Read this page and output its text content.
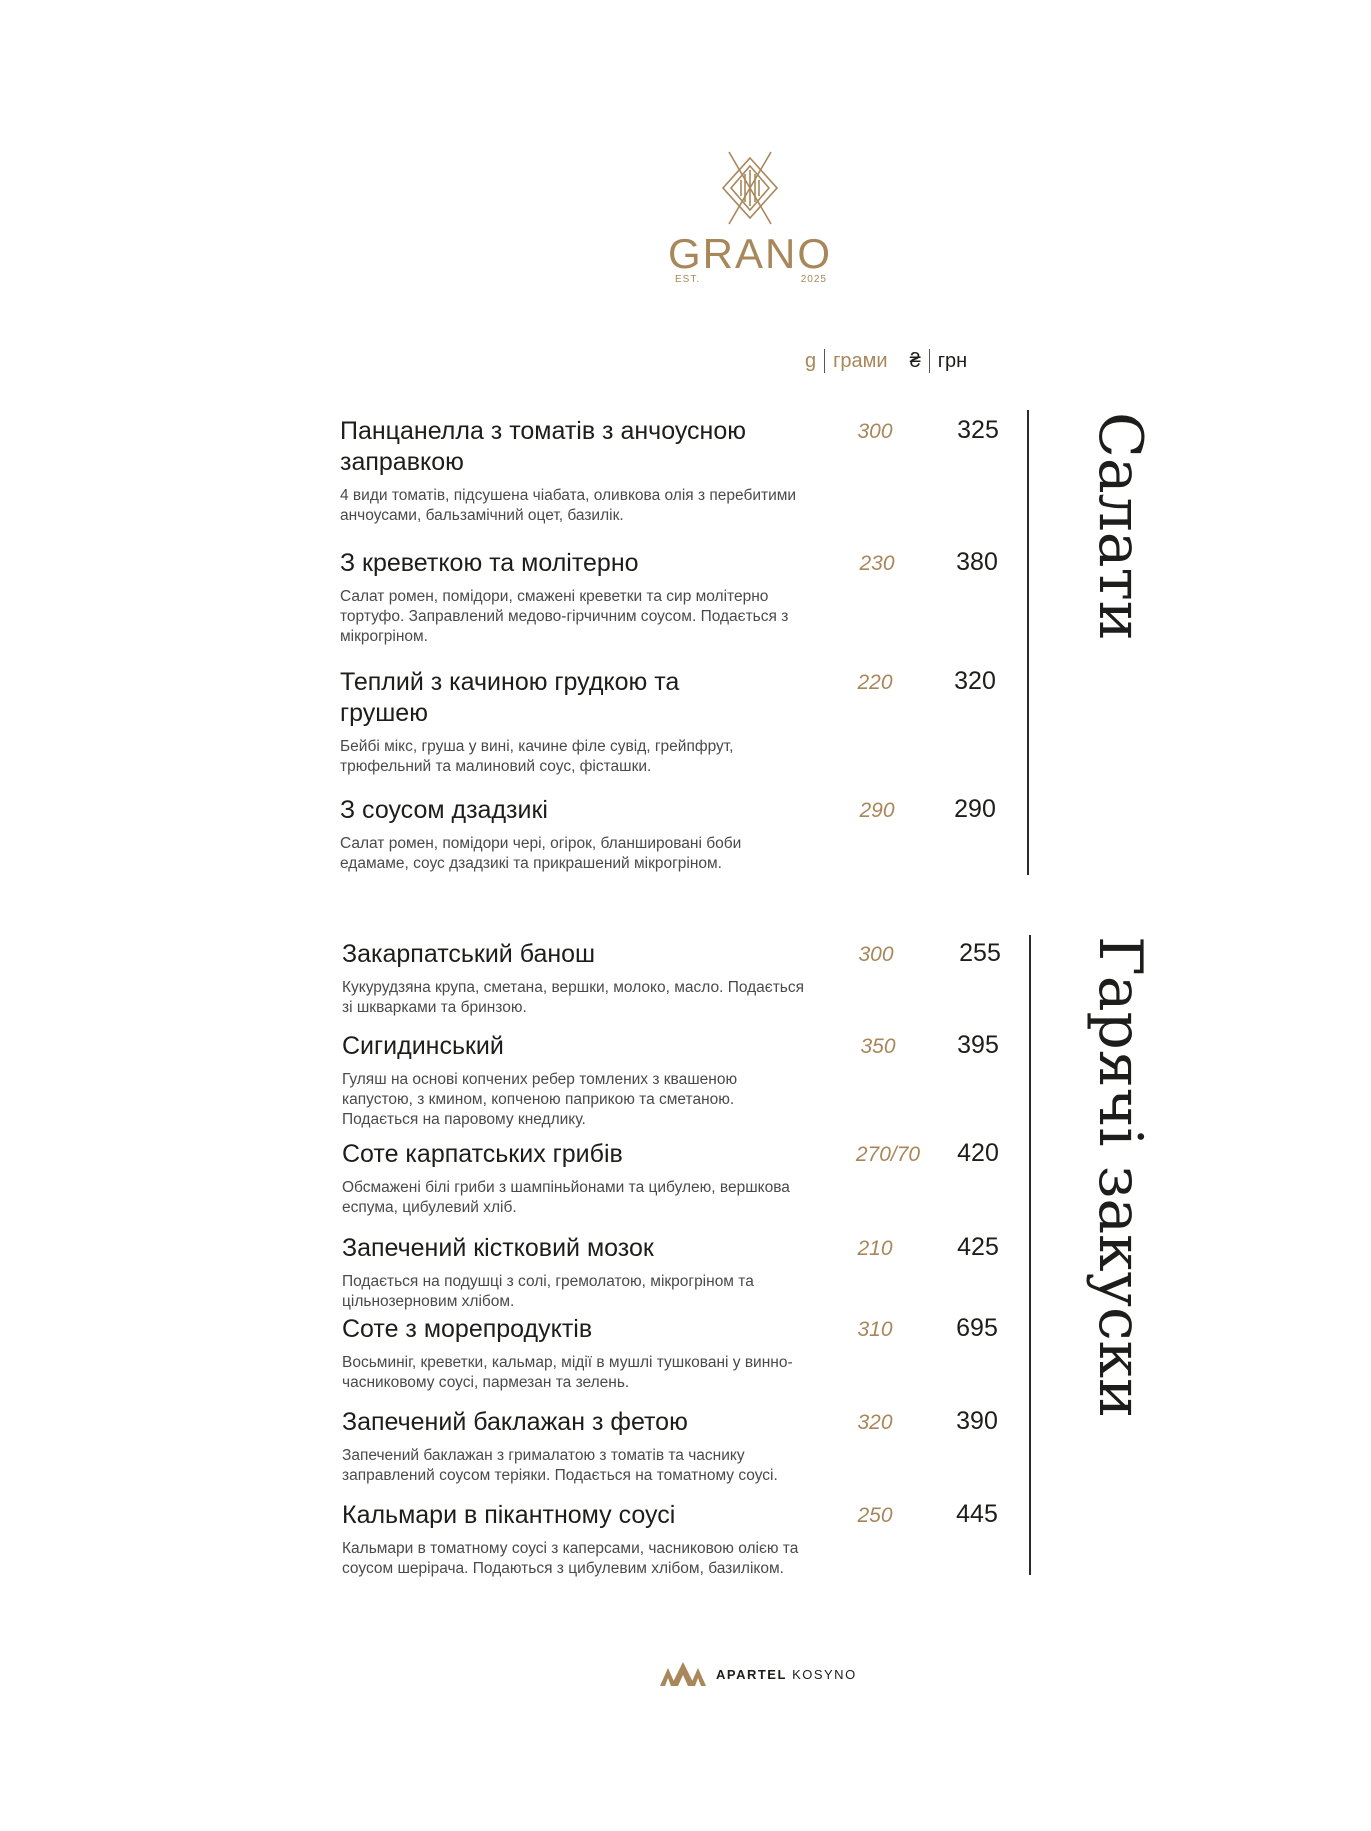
GRANO
EST.	2025
g грами ₴ грн
Панцанелла з томатів з анчоусною заправкою
4 види томатів, підсушена чіабата, оливкова олія з перебитими анчоусами, бальзамічний оцет, базилік.
300	325
З креветкою та молітерно
Салат ромен, помідори, смажені креветки та сир молітерно тортуфо. Заправлений медово-гірчичним соусом. Подається з мікрогріном.
230	380
Теплий з качиною грудкою та грушею
Бейбі мікс, груша у вині, качине філе сувід, грейпфрут, трюфельний та малиновий соус, фісташки.
220	320
З соусом дзадзикі
Салат ромен, помідори чері, огірок, бланшировані боби едамаме, соус дзадзикі та прикрашений мікрогріном.
290	290
Салати
Закарпатський банош
Кукурудзяна крупа, сметана, вершки, молоко, масло. Подається зі шкварками та бринзою.
300	255
Сигидинський
Гуляш на основі копчених ребер томлених з квашеною капустою, з кмином, копченою паприкою та сметаною. Подається на паровому кнедлику.
350	395
Соте карпатських грибів
Обсмажені білі гриби з шампіньйонами та цибулею, вершкова еспума, цибулевий хліб.
270/70	420
Запечений кістковий мозок
Подається на подушці з солі, гремолатою, мікрогріном та цільнозерновим хлібом.
210	425
Соте з морепродуктів
Восьминіг, креветки, кальмар, мідії в мушлі тушковані у винно-часниковому соусі, пармезан та зелень.
310	695
Запечений баклажан з фетою
Запечений баклажан з грималатою з томатів та часнику заправлений соусом теріяки. Подається на томатному соусі.
320	390
Кальмари в пікантному соусі
Кальмари в томатному соусі з каперсами, часниковою олією та соусом шерірача. Подаються з цибулевим хлібом, базиліком.
250	445
Гарячі закуски
APARTEL KOSYNO
